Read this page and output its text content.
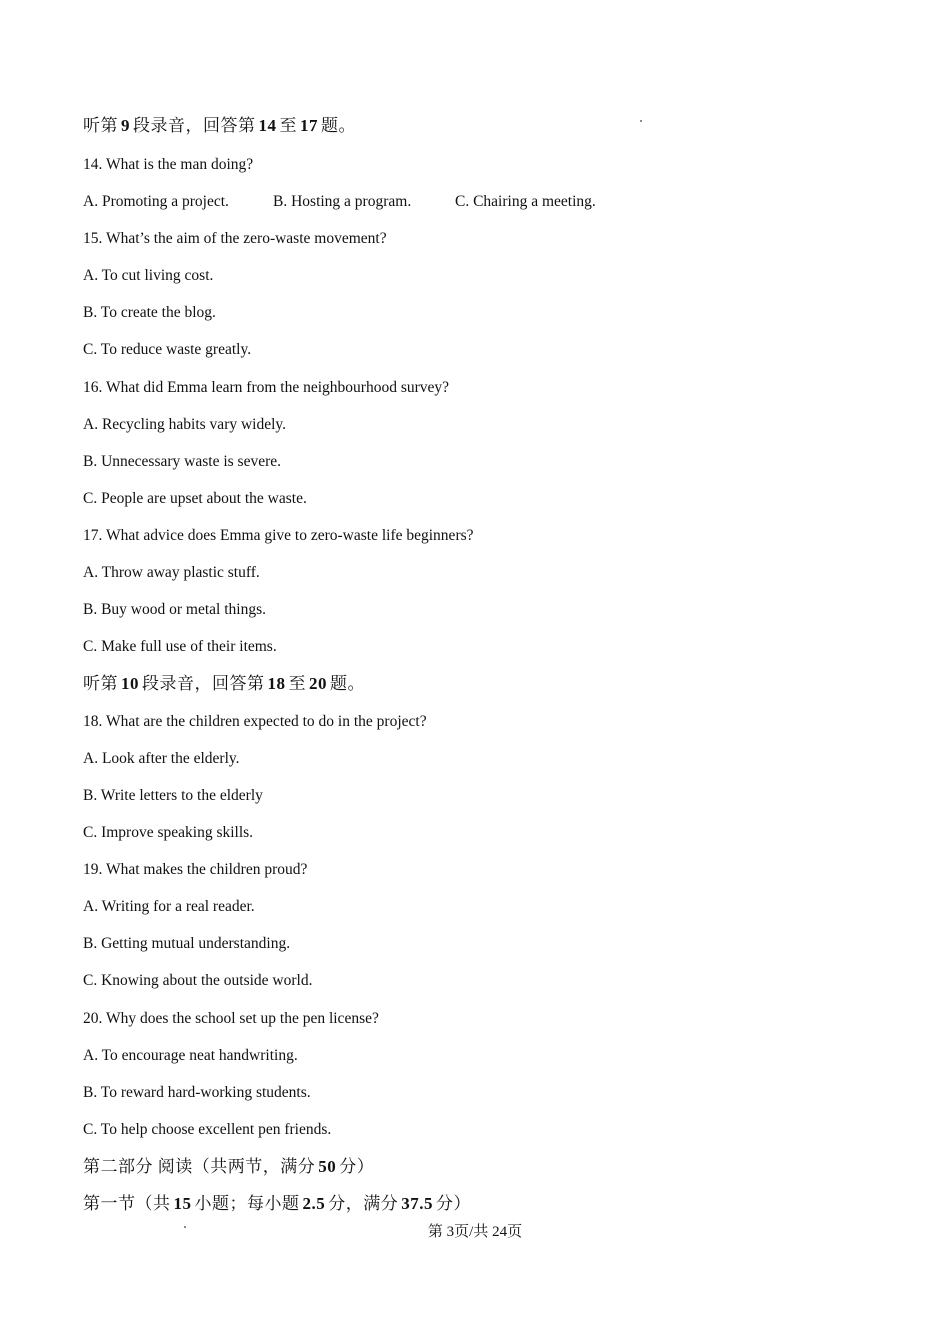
听第 9 段录音，回答第 14 至 17 题。
14. What is the man doing?
A. Promoting a project.	B. Hosting a program.	C. Chairing a meeting.
15. What’s the aim of the zero-waste movement?
A. To cut living cost.
B. To create the blog.
C. To reduce waste greatly.
16. What did Emma learn from the neighbourhood survey?
A. Recycling habits vary widely.
B. Unnecessary waste is severe.
C. People are upset about the waste.
17. What advice does Emma give to zero-waste life beginners?
A. Throw away plastic stuff.
B. Buy wood or metal things.
C. Make full use of their items.
听第 10 段录音，回答第 18 至 20 题。
18. What are the children expected to do in the project?
A. Look after the elderly.
B. Write letters to the elderly
C. Improve speaking skills.
19. What makes the children proud?
A. Writing for a real reader.
B. Getting mutual understanding.
C. Knowing about the outside world.
20. Why does the school set up the pen license?
A. To encourage neat handwriting.
B. To reward hard-working students.
C. To help choose excellent pen friends.
第二部分 阅读（共两节，满分 50 分）
第一节（共 15 小题；每小题 2.5 分，满分 37.5 分）
第 3页/共 24页
